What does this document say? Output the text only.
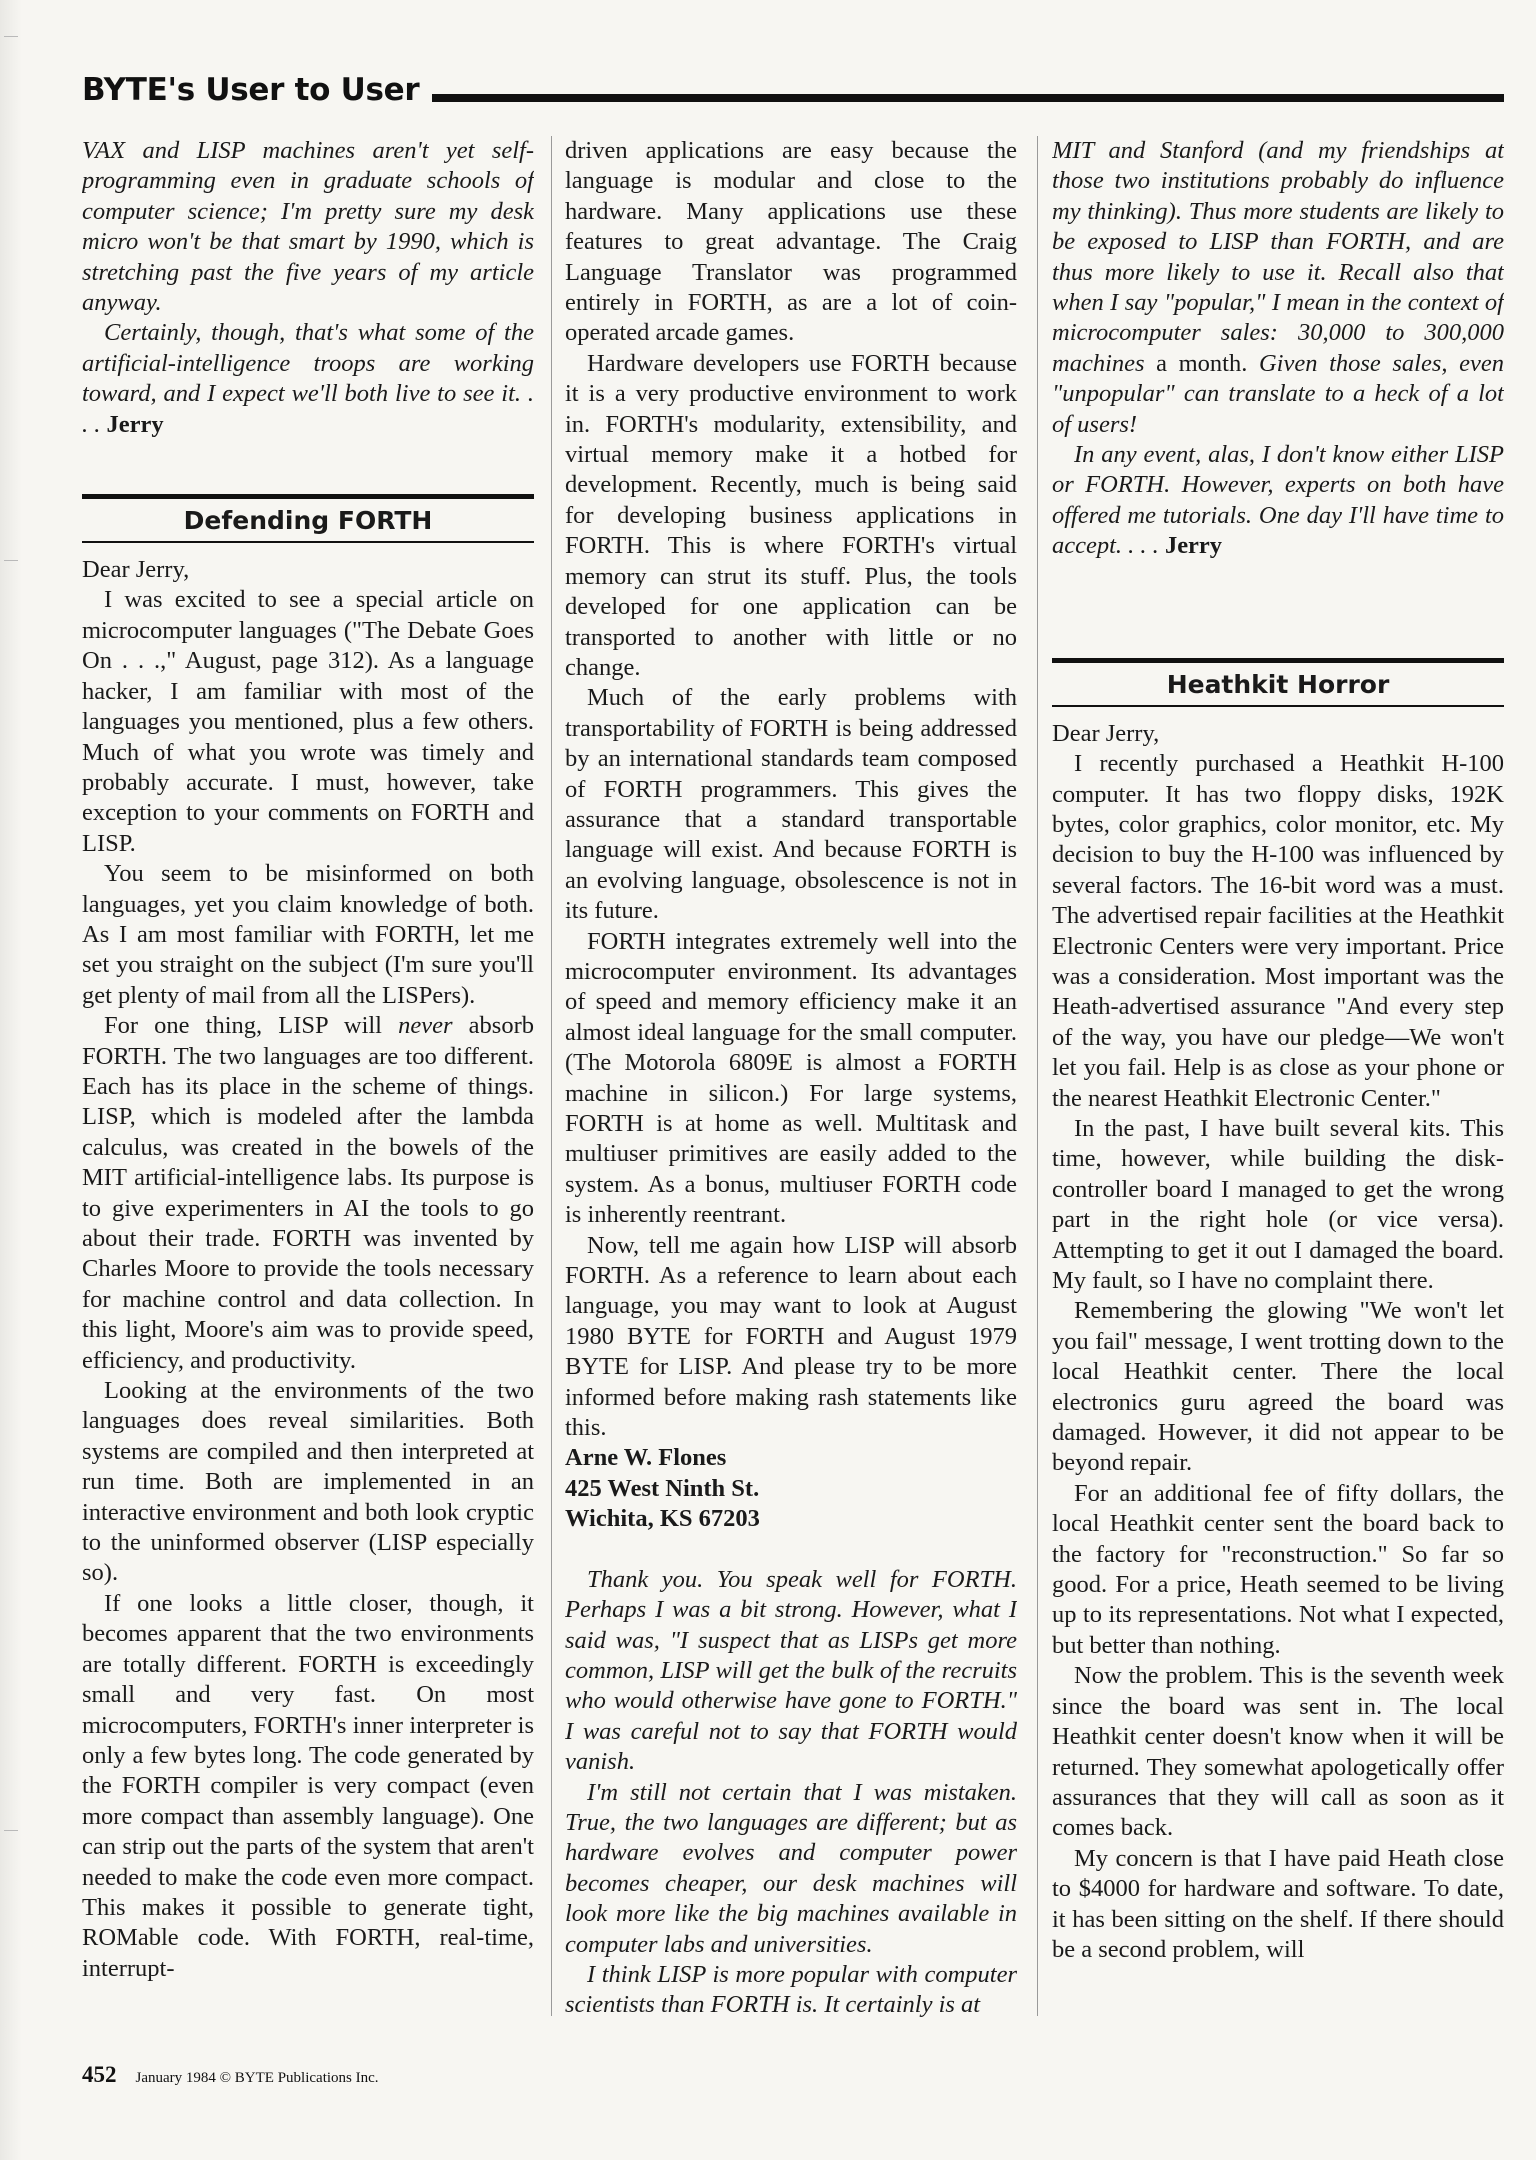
BYTE's User to User

VAX and LISP machines aren't yet self-programming even in graduate schools of computer science; I'm pretty sure my desk micro won't be that smart by 1990, which is stretching past the five years of my article anyway.

Certainly, though, that's what some of the artificial-intelligence troops are working toward, and I expect we'll both live to see it. . . . Jerry

Defending FORTH

Dear Jerry,

I was excited to see a special article on microcomputer languages ("The Debate Goes On . . .," August, page 312). As a language hacker, I am familiar with most of the languages you mentioned, plus a few others. Much of what you wrote was timely and probably accurate. I must, however, take exception to your comments on FORTH and LISP.

You seem to be misinformed on both languages, yet you claim knowledge of both. As I am most familiar with FORTH, let me set you straight on the subject (I'm sure you'll get plenty of mail from all the LISPers).

For one thing, LISP will never absorb FORTH. The two languages are too different. Each has its place in the scheme of things. LISP, which is modeled after the lambda calculus, was created in the bowels of the MIT artificial-intelligence labs. Its purpose is to give experimenters in AI the tools to go about their trade. FORTH was invented by Charles Moore to provide the tools necessary for machine control and data collection. In this light, Moore's aim was to provide speed, efficiency, and productivity.

Looking at the environments of the two languages does reveal similarities. Both systems are compiled and then interpreted at run time. Both are implemented in an interactive environment and both look cryptic to the uninformed observer (LISP especially so).

If one looks a little closer, though, it becomes apparent that the two environments are totally different. FORTH is exceedingly small and very fast. On most microcomputers, FORTH's inner interpreter is only a few bytes long. The code generated by the FORTH compiler is very compact (even more compact than assembly language). One can strip out the parts of the system that aren't needed to make the code even more compact. This makes it possible to generate tight, ROMable code. With FORTH, real-time, interrupt-

driven applications are easy because the language is modular and close to the hardware. Many applications use these features to great advantage. The Craig Language Translator was programmed entirely in FORTH, as are a lot of coin-operated arcade games.

Hardware developers use FORTH because it is a very productive environment to work in. FORTH's modularity, extensibility, and virtual memory make it a hotbed for development. Recently, much is being said for developing business applications in FORTH. This is where FORTH's virtual memory can strut its stuff. Plus, the tools developed for one application can be transported to another with little or no change.

Much of the early problems with transportability of FORTH is being addressed by an international standards team composed of FORTH programmers. This gives the assurance that a standard transportable language will exist. And because FORTH is an evolving language, obsolescence is not in its future.

FORTH integrates extremely well into the microcomputer environment. Its advantages of speed and memory efficiency make it an almost ideal language for the small computer. (The Motorola 6809E is almost a FORTH machine in silicon.) For large systems, FORTH is at home as well. Multitask and multiuser primitives are easily added to the system. As a bonus, multiuser FORTH code is inherently reentrant.

Now, tell me again how LISP will absorb FORTH. As a reference to learn about each language, you may want to look at August 1980 BYTE for FORTH and August 1979 BYTE for LISP. And please try to be more informed before making rash statements like this.

Arne W. Flones

425 West Ninth St.

Wichita, KS 67203

Thank you. You speak well for FORTH. Perhaps I was a bit strong. However, what I said was, "I suspect that as LISPs get more common, LISP will get the bulk of the recruits who would otherwise have gone to FORTH." I was careful not to say that FORTH would vanish.

I'm still not certain that I was mistaken. True, the two languages are different; but as hardware evolves and computer power becomes cheaper, our desk machines will look more like the big machines available in computer labs and universities.

I think LISP is more popular with computer scientists than FORTH is. It certainly is at

MIT and Stanford (and my friendships at those two institutions probably do influence my thinking). Thus more students are likely to be exposed to LISP than FORTH, and are thus more likely to use it. Recall also that when I say "popular," I mean in the context of microcomputer sales: 30,000 to 300,000 machines a month. Given those sales, even "unpopular" can translate to a heck of a lot of users!

In any event, alas, I don't know either LISP or FORTH. However, experts on both have offered me tutorials. One day I'll have time to accept. . . . Jerry

Heathkit Horror

Dear Jerry,

I recently purchased a Heathkit H-100 computer. It has two floppy disks, 192K bytes, color graphics, color monitor, etc. My decision to buy the H-100 was influenced by several factors. The 16-bit word was a must. The advertised repair facilities at the Heathkit Electronic Centers were very important. Price was a consideration. Most important was the Heath-advertised assurance "And every step of the way, you have our pledge—We won't let you fail. Help is as close as your phone or the nearest Heathkit Electronic Center."

In the past, I have built several kits. This time, however, while building the disk-controller board I managed to get the wrong part in the right hole (or vice versa). Attempting to get it out I damaged the board. My fault, so I have no complaint there.

Remembering the glowing "We won't let you fail" message, I went trotting down to the local Heathkit center. There the local electronics guru agreed the board was damaged. However, it did not appear to be beyond repair.

For an additional fee of fifty dollars, the local Heathkit center sent the board back to the factory for "reconstruction." So far so good. For a price, Heath seemed to be living up to its representations. Not what I expected, but better than nothing.

Now the problem. This is the seventh week since the board was sent in. The local Heathkit center doesn't know when it will be returned. They somewhat apologetically offer assurances that they will call as soon as it comes back.

My concern is that I have paid Heath close to $4000 for hardware and software. To date, it has been sitting on the shelf. If there should be a second problem, will

452 January 1984 © BYTE Publications Inc.
